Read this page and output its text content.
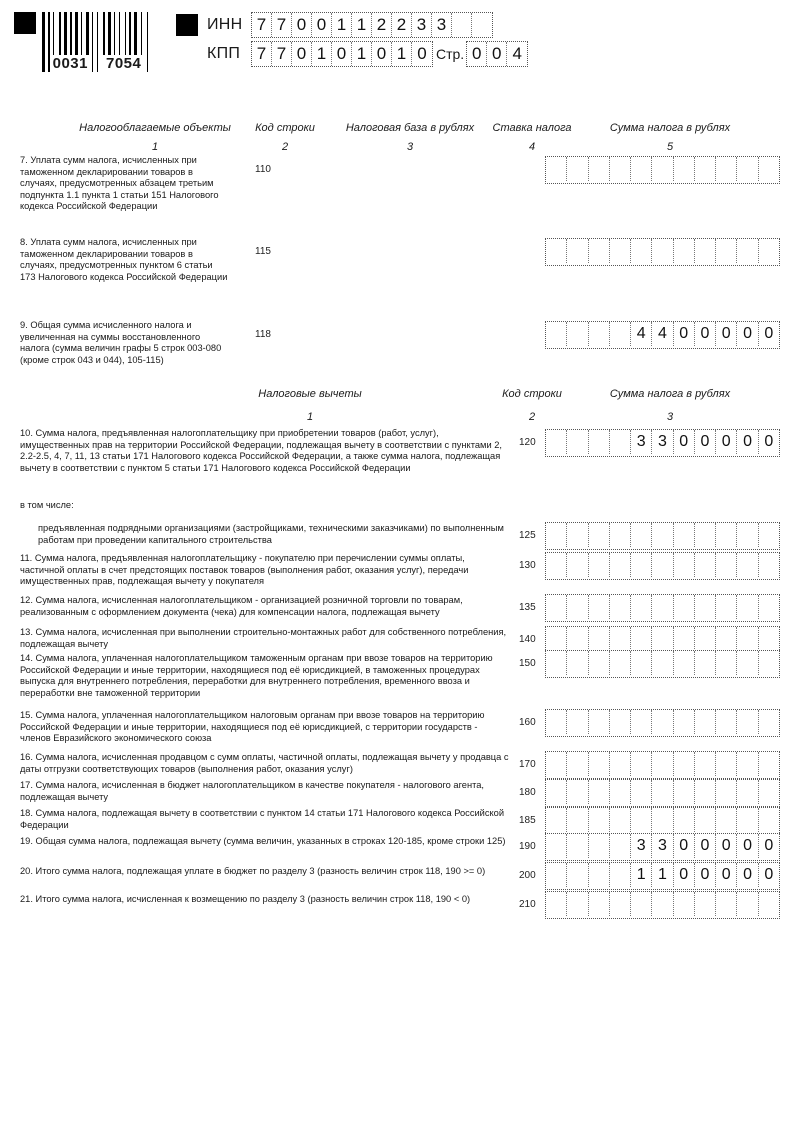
0031 7054
ИНН 7 7 0 0 1 1 2 2 3 3
КПП 7 7 0 1 0 1 0 1 0 Стр. 0 0 4
Налогооблагаемые объекты	Код строки	Налоговая база в рублях	Ставка налога	Сумма налога в рублях
1	2	3	4	5
7. Уплата сумм налога, исчисленных при таможенном декларировании товаров в случаях, предусмотренных абзацем третьим подпункта 1.1 пункта 1 статьи 151 Налогового кодекса Российской Федерации
110
8. Уплата сумм налога, исчисленных при таможенном декларировании товаров в случаях, предусмотренных пунктом 6 статьи 173 Налогового кодекса Российской Федерации
115
9. Общая сумма исчисленного налога и увеличенная на суммы восстановленного налога (сумма величин графы 5 строк 003-080 (кроме строк 043 и 044), 105-115)
118	4 4 0 0 0 0 0
Налоговые вычеты	Код строки	Сумма налога в рублях
1	2	3
в том числе:
10. Сумма налога, предъявленная налогоплательщику при приобретении товаров (работ, услуг), имущественных прав на территории Российской Федерации, подлежащая вычету в соответствии с пунктами 2, 2.2-2.5, 4, 7, 11, 13 статьи 171 Налогового кодекса Российской Федерации, а также сумма налога, подлежащая вычету в соответствии с пунктом 5 статьи 171 Налогового кодекса Российской Федерации
120	3 3 0 0 0 0 0
предъявленная подрядными организациями (застройщиками, техническими заказчиками) по выполненным работам при проведении капитального строительства	125
11. Сумма налога, предъявленная налогоплательщику - покупателю при перечислении суммы оплаты, частичной оплаты в счет предстоящих поставок товаров (выполнения работ, оказания услуг), передачи имущественных прав, подлежащая вычету у покупателя
130
12. Сумма налога, исчисленная налогоплательщиком - организацией розничной торговли по товарам, реализованным с оформлением документа (чека) для компенсации налога, подлежащая вычету	135
13. Сумма налога, исчисленная при выполнении строительно-монтажных работ для собственного потребления, подлежащая вычету	140
14. Сумма налога, уплаченная налогоплательщиком таможенным органам при ввозе товаров на территорию Российской Федерации и иные территории, находящиеся под её юрисдикцией, в таможенных процедурах выпуска для внутреннего потребления, переработки для внутреннего потребления, временного ввоза и переработки вне таможенной территории
150
15. Сумма налога, уплаченная налогоплательщиком налоговым органам при ввозе товаров на территорию Российской Федерации и иные территории, находящиеся под её юрисдикцией, с территории государств - членов Евразийского экономического союза
160
16. Сумма налога, исчисленная продавцом с сумм оплаты, частичной оплаты, подлежащая вычету у продавца с даты отгрузки соответствующих товаров (выполнения работ, оказания услуг)	170
17. Сумма налога, исчисленная в бюджет налогоплательщиком в качестве покупателя - налогового агента, подлежащая вычету	180
18. Сумма налога, подлежащая вычету в соответствии с пунктом 14 статьи 171 Налогового кодекса Российской Федерации	185
19. Общая сумма налога, подлежащая вычету (сумма величин, указанных в строках 120-185, кроме строки 125)	190	3 3 0 0 0 0 0
20. Итого сумма налога, подлежащая уплате в бюджет по разделу 3 (разность величин строк 118, 190 >= 0)	200	1 1 0 0 0 0 0
21. Итого сумма налога, исчисленная к возмещению по разделу 3 (разность величин строк 118, 190 < 0)	210
